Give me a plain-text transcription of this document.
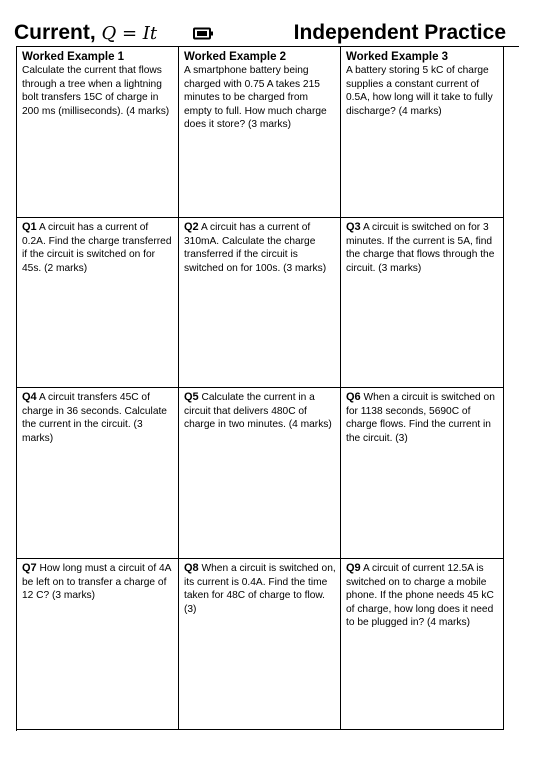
Current, Q = It	Independent Practice
Worked Example 1
Calculate the current that flows through a tree when a lightning bolt transfers 15C of charge in 200 ms (milliseconds). (4 marks)
Worked Example 2
A smartphone battery being charged with 0.75 A takes 215 minutes to be charged from empty to full. How much charge does it store? (3 marks)
Worked Example 3
A battery storing 5 kC of charge supplies a constant current of 0.5A, how long will it take to fully discharge? (4 marks)
Q1 A circuit has a current of 0.2A. Find the charge transferred if the circuit is switched on for 45s. (2 marks)
Q2 A circuit has a current of 310mA. Calculate the charge transferred if the circuit is switched on for 100s. (3 marks)
Q3 A circuit is switched on for 3 minutes. If the current is 5A, find the charge that flows through the circuit. (3 marks)
Q4 A circuit transfers 45C of charge in 36 seconds. Calculate the current in the circuit. (3 marks)
Q5 Calculate the current in a circuit that delivers 480C of charge in two minutes. (4 marks)
Q6 When a circuit is switched on for 1138 seconds, 5690C of charge flows. Find the current in the circuit. (3)
Q7 How long must a circuit of 4A be left on to transfer a charge of 12 C? (3 marks)
Q8 When a circuit is switched on, its current is 0.4A. Find the time taken for 48C of charge to flow. (3)
Q9 A circuit of current 12.5A is switched on to charge a mobile phone. If the phone needs 45 kC of charge, how long does it need to be plugged in? (4 marks)
